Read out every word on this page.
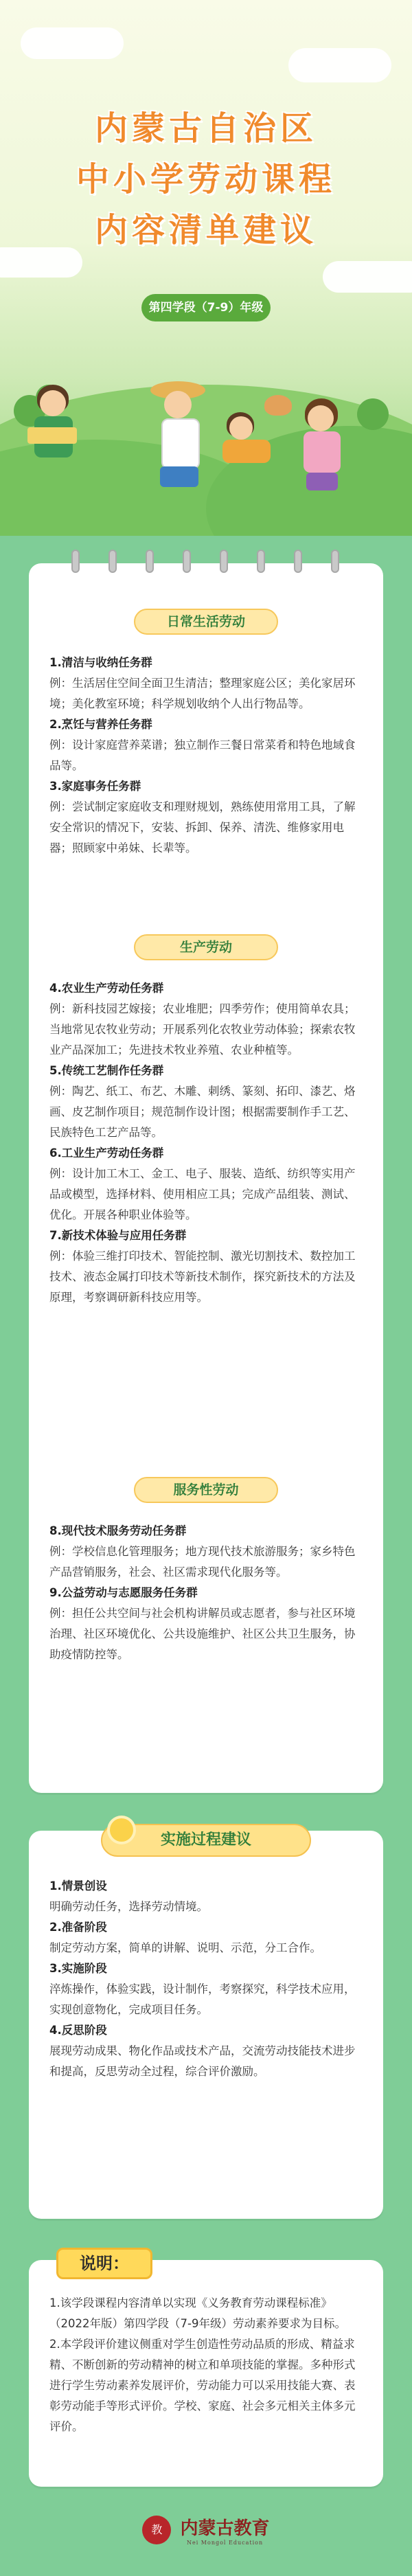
内蒙古自治区
中小学劳动课程
内容清单建议
第四学段（7-9）年级
日常生活劳动

1.清洁与收纳任务群

例：生活居住空间全面卫生清洁；整理家庭公区；美化家居环境；美化教室环境；科学规划收纳个人出行物品等。

2.烹饪与营养任务群

例：设计家庭营养菜谱；独立制作三餐日常菜肴和特色地域食品等。

3.家庭事务任务群

例：尝试制定家庭收支和理财规划，熟练使用常用工具，了解安全常识的情况下，安装、拆卸、保养、清洗、维修家用电器；照顾家中弟妹、长辈等。

生产劳动

4.农业生产劳动任务群

例：新科技园艺嫁接；农业堆肥；四季劳作；使用简单农具；当地常见农牧业劳动；开展系列化农牧业劳动体验；探索农牧业产品深加工；先进技术牧业养殖、农业种植等。

5.传统工艺制作任务群

例：陶艺、纸工、布艺、木雕、刺绣、篆刻、拓印、漆艺、烙画、皮艺制作项目；规范制作设计图；根据需要制作手工艺、民族特色工艺产品等。

6.工业生产劳动任务群

例：设计加工木工、金工、电子、服装、造纸、纺织等实用产品或模型，选择材料、使用相应工具；完成产品组装、测试、优化。开展各种职业体验等。

7.新技术体验与应用任务群

例：体验三维打印技术、智能控制、激光切割技术、数控加工技术、液态金属打印技术等新技术制作，探究新技术的方法及原理，考察调研新科技应用等。

服务性劳动

8.现代技术服务劳动任务群

例：学校信息化管理服务；地方现代技术旅游服务；家乡特色产品营销服务，社会、社区需求现代化服务等。

9.公益劳动与志愿服务任务群

例：担任公共空间与社会机构讲解员或志愿者，参与社区环境治理、社区环境优化、公共设施维护、社区公共卫生服务，协助疫情防控等。

实施过程建议

1.情景创设

明确劳动任务，选择劳动情境。

2.准备阶段

制定劳动方案，简单的讲解、说明、示范，分工合作。

3.实施阶段

淬炼操作，体验实践，设计制作，考察探究，科学技术应用，实现创意物化，完成项目任务。

4.反思阶段

展现劳动成果、物化作品或技术产品，交流劳动技能技术进步和提高，反思劳动全过程，综合评价激励。

说明：

1.该学段课程内容清单以实现《义务教育劳动课程标准》（2022年版）第四学段（7-9年级）劳动素养要求为目标。

2.本学段评价建议侧重对学生创造性劳动品质的形成、精益求精、不断创新的劳动精神的树立和单项技能的掌握。多种形式进行学生劳动素养发展评价，劳动能力可以采用技能大赛、表彰劳动能手等形式评价。学校、家庭、社会多元相关主体多元评价。

教 内蒙古教育
Nei Mongol Education
